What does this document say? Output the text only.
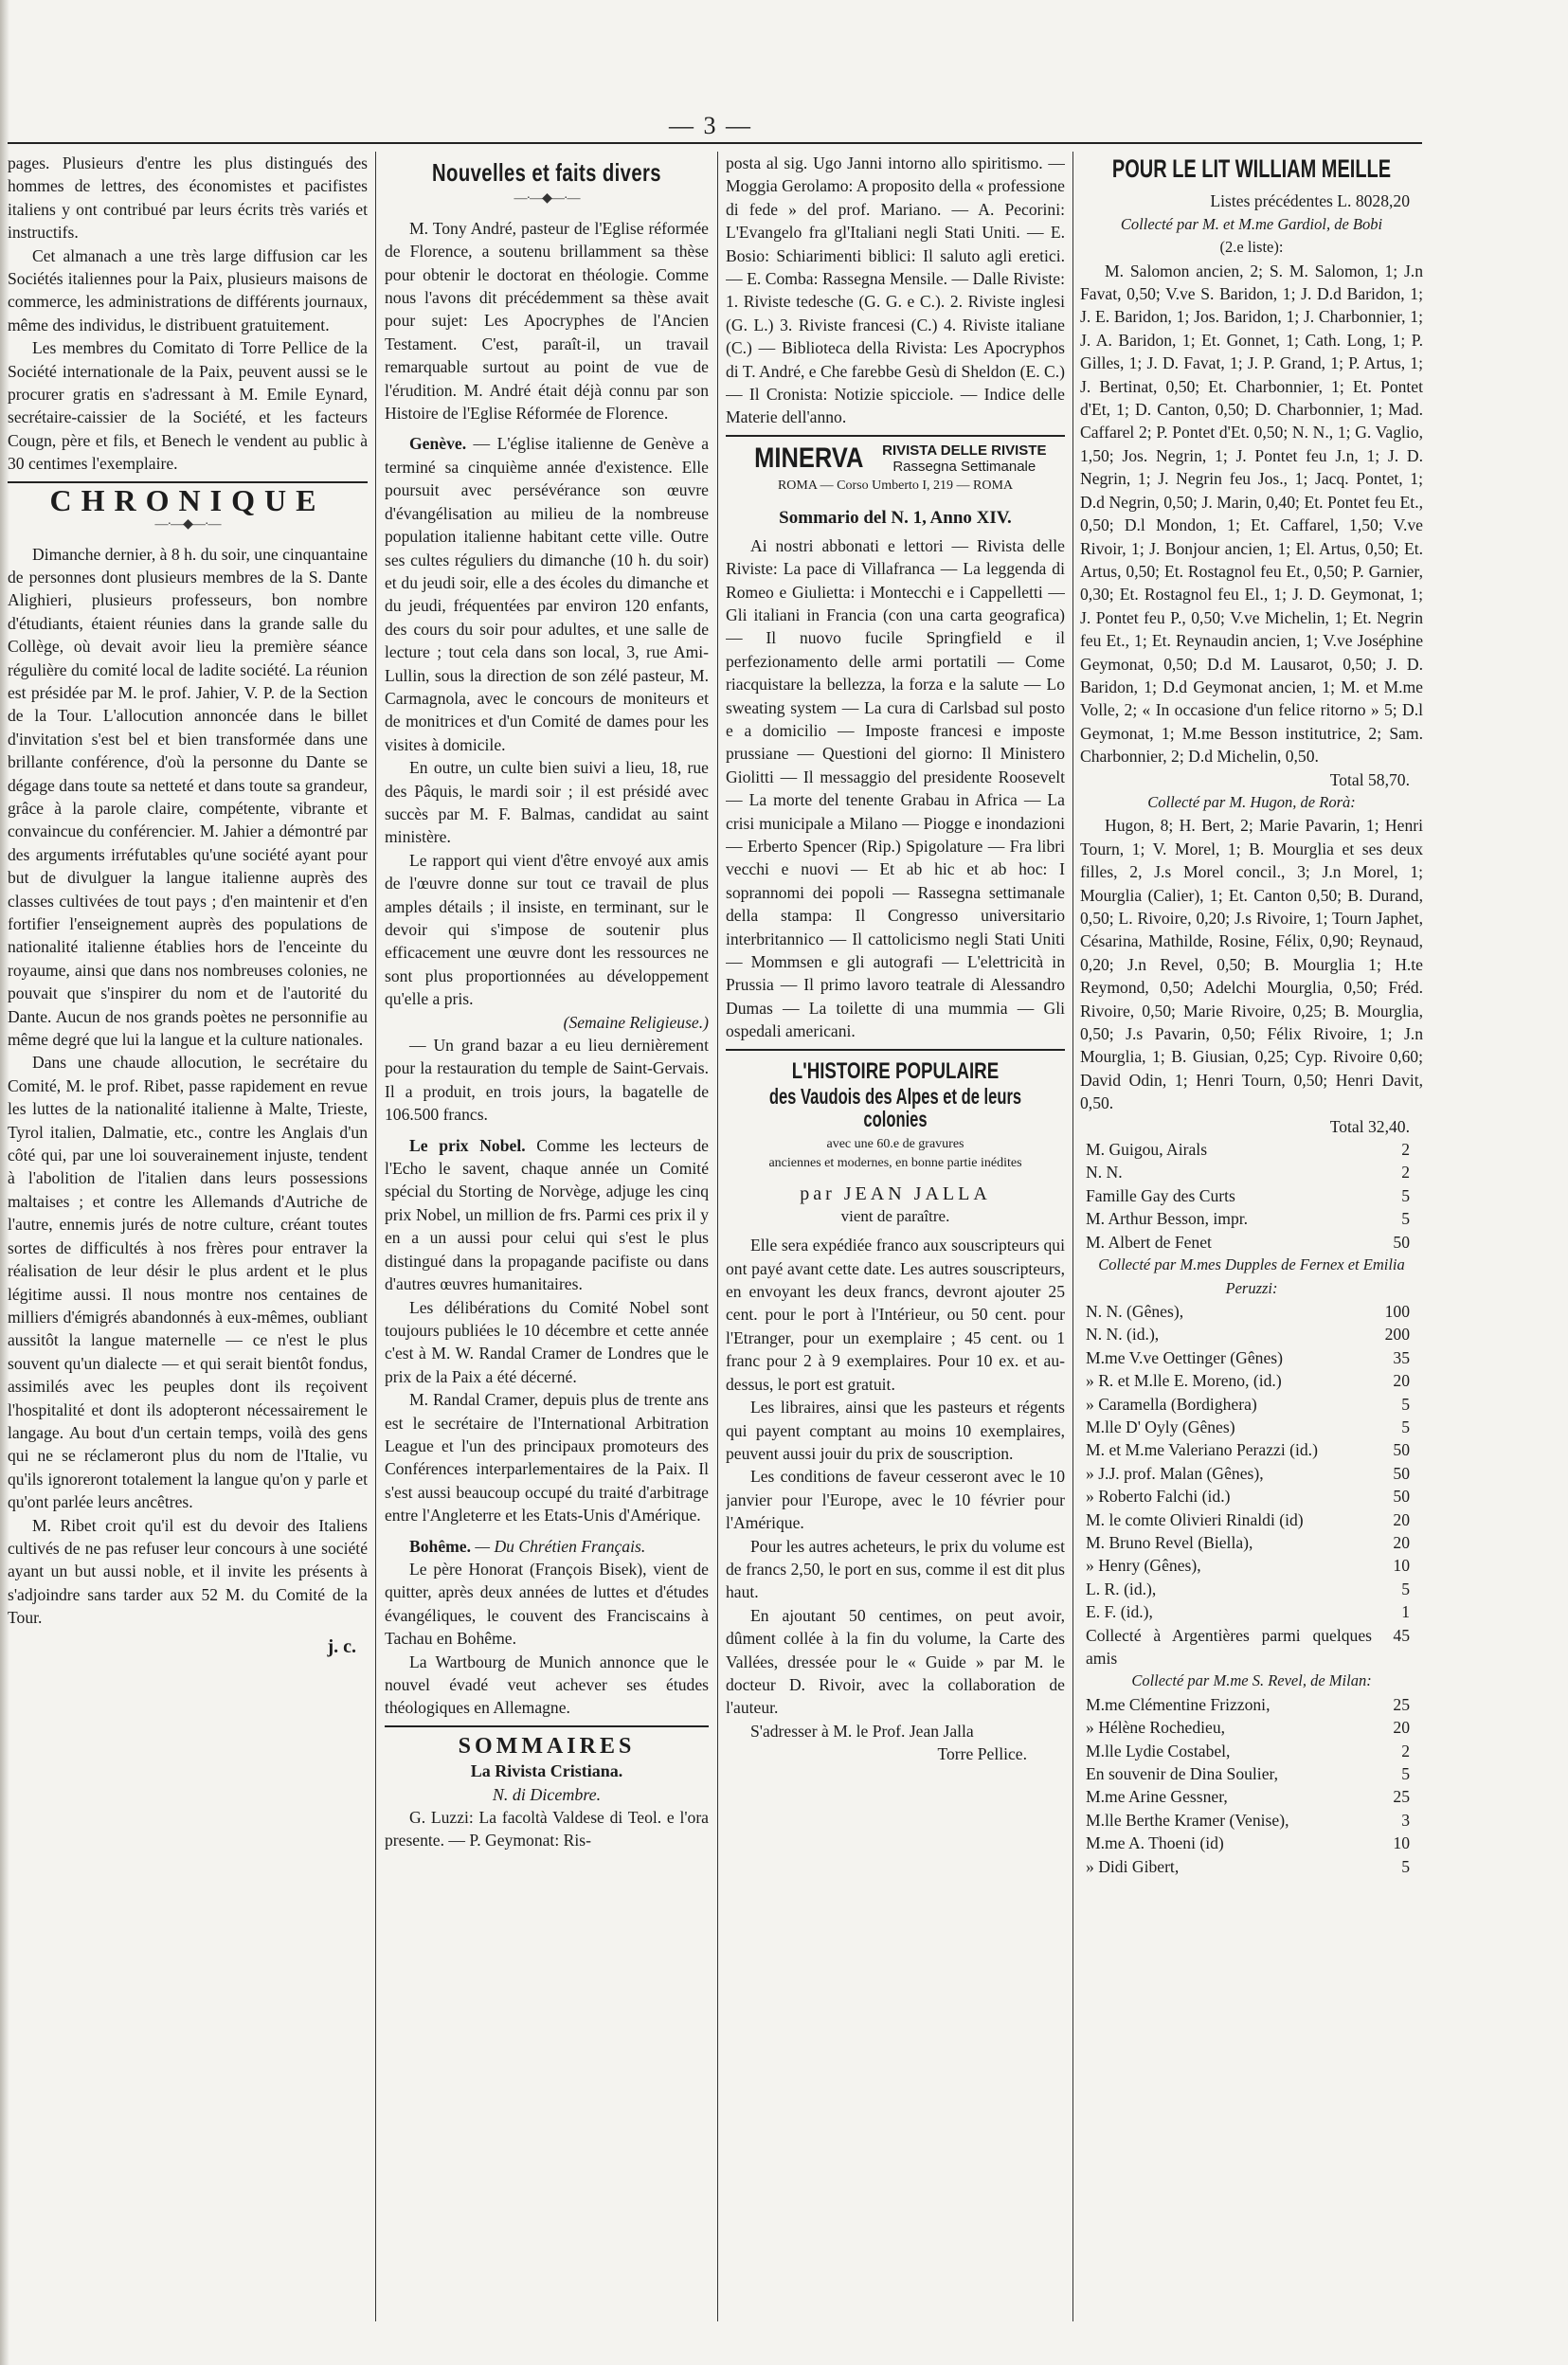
— 3 —

pages. Plusieurs d'entre les plus distingués des hommes de lettres, des économistes et pacifistes italiens y ont contribué par leurs écrits très variés et instructifs.

Cet almanach a une très large diffusion car les Sociétés italiennes pour la Paix, plusieurs maisons de commerce, les administrations de différents journaux, même des individus, le distribuent gratuitement.

Les membres du Comitato di Torre Pellice de la Société internationale de la Paix, peuvent aussi se le procurer gratis en s'adressant à M. Emile Eynard, secrétaire-caissier de la Société, et les facteurs Cougn, père et fils, et Benech le vendent au public à 30 centimes l'exemplaire.

CHRONIQUE
—·—◆—·—

Dimanche dernier, à 8 h. du soir, une cinquantaine de personnes dont plusieurs membres de la S. Dante Alighieri, plusieurs professeurs, bon nombre d'étudiants, étaient réunies dans la grande salle du Collège, où devait avoir lieu la première séance régulière du comité local de ladite société. La réunion est présidée par M. le prof. Jahier, V. P. de la Section de la Tour. L'allocution annoncée dans le billet d'invitation s'est bel et bien transformée dans une brillante conférence, d'où la personne du Dante se dégage dans toute sa netteté et dans toute sa grandeur, grâce à la parole claire, compétente, vibrante et convaincue du conférencier. M. Jahier a démontré par des arguments irréfutables qu'une société ayant pour but de divulguer la langue italienne auprès des classes cultivées de tout pays ; d'en maintenir et d'en fortifier l'enseignement auprès des populations de nationalité italienne établies hors de l'enceinte du royaume, ainsi que dans nos nombreuses colonies, ne pouvait que s'inspirer du nom et de l'autorité du Dante. Aucun de nos grands poètes ne personnifie au même degré que lui la langue et la culture nationales.

Dans une chaude allocution, le secrétaire du Comité, M. le prof. Ribet, passe rapidement en revue les luttes de la nationalité italienne à Malte, Trieste, Tyrol italien, Dalmatie, etc., contre les Anglais d'un côté qui, par une loi souverainement injuste, tendent à l'abolition de l'italien dans leurs possessions maltaises ; et contre les Allemands d'Autriche de l'autre, ennemis jurés de notre culture, créant toutes sortes de difficultés à nos frères pour entraver la réalisation de leur désir le plus ardent et le plus légitime aussi. Il nous montre nos centaines de milliers d'émigrés abandonnés à eux-mêmes, oubliant aussitôt la langue maternelle — ce n'est le plus souvent qu'un dialecte — et qui serait bientôt fondus, assimilés avec les peuples dont ils reçoivent l'hospitalité et dont ils adopteront nécessairement le langage. Au bout d'un certain temps, voilà des gens qui ne se réclameront plus du nom de l'Italie, vu qu'ils ignoreront totalement la langue qu'on y parle et qu'ont parlée leurs ancêtres.

M. Ribet croit qu'il est du devoir des Italiens cultivés de ne pas refuser leur concours à une société ayant un but aussi noble, et il invite les présents à s'adjoindre sans tarder aux 52 M. du Comité de la Tour.

j. c.
Nouvelles et faits divers
—·—◆—·—

M. Tony André, pasteur de l'Eglise réformée de Florence, a soutenu brillamment sa thèse pour obtenir le doctorat en théologie. Comme nous l'avons dit précédemment sa thèse avait pour sujet: Les Apocryphes de l'Ancien Testament. C'est, paraît-il, un travail remarquable surtout au point de vue de l'érudition. M. André était déjà connu par son Histoire de l'Eglise Réformée de Florence.

Genève. — L'église italienne de Genève a terminé sa cinquième année d'existence. Elle poursuit avec persévérance son œuvre d'évangélisation au milieu de la nombreuse population italienne habitant cette ville. Outre ses cultes réguliers du dimanche (10 h. du soir) et du jeudi soir, elle a des écoles du dimanche et du jeudi, fréquentées par environ 120 enfants, des cours du soir pour adultes, et une salle de lecture ; tout cela dans son local, 3, rue Ami-Lullin, sous la direction de son zélé pasteur, M. Carmagnola, avec le concours de moniteurs et de monitrices et d'un Comité de dames pour les visites à domicile.

En outre, un culte bien suivi a lieu, 18, rue des Pâquis, le mardi soir ; il est présidé avec succès par M. F. Balmas, candidat au saint ministère.

Le rapport qui vient d'être envoyé aux amis de l'œuvre donne sur tout ce travail de plus amples détails ; il insiste, en terminant, sur le devoir qui s'impose de soutenir plus efficacement une œuvre dont les ressources ne sont plus proportionnées au développement qu'elle a pris.

(Semaine Religieuse.)

— Un grand bazar a eu lieu dernièrement pour la restauration du temple de Saint-Gervais. Il a produit, en trois jours, la bagatelle de 106.500 francs.

Le prix Nobel. Comme les lecteurs de l'Echo le savent, chaque année un Comité spécial du Storting de Norvège, adjuge les cinq prix Nobel, un million de frs. Parmi ces prix il y en a un aussi pour celui qui s'est le plus distingué dans la propagande pacifiste ou dans d'autres œuvres humanitaires.

Les délibérations du Comité Nobel sont toujours publiées le 10 décembre et cette année c'est à M. W. Randal Cramer de Londres que le prix de la Paix a été décerné.

M. Randal Cramer, depuis plus de trente ans est le secrétaire de l'International Arbitration League et l'un des principaux promoteurs des Conférences interparlementaires de la Paix. Il s'est aussi beaucoup occupé du traité d'arbitrage entre l'Angleterre et les Etats-Unis d'Amérique.

Bohême. — Du Chrétien Français.

Le père Honorat (François Bisek), vient de quitter, après deux années de luttes et d'études évangéliques, le couvent des Franciscains à Tachau en Bohême.

La Wartbourg de Munich annonce que le nouvel évadé veut achever ses études théologiques en Allemagne.

SOMMAIRES
La Rivista Cristiana.
N. di Dicembre.

G. Luzzi: La facoltà Valdese di Teol. e l'ora presente. — P. Geymonat: Ris-

posta al sig. Ugo Janni intorno allo spiritismo. — Moggia Gerolamo: A proposito della « professione di fede » del prof. Mariano. — A. Pecorini: L'Evangelo fra gl'Italiani negli Stati Uniti. — E. Bosio: Schiarimenti biblici: Il saluto agli eretici. — E. Comba: Rassegna Mensile. — Dalle Riviste: 1. Riviste tedesche (G. G. e C.). 2. Riviste inglesi (G. L.) 3. Riviste francesi (C.) 4. Riviste italiane (C.) — Biblioteca della Rivista: Les Apocryphos di T. André, e Che farebbe Gesù di Sheldon (E. C.) — Il Cronista: Notizie spicciole. — Indice delle Materie dell'anno.

MINERVA RIVISTA DELLE RIVISTE
Rassegna Settimanale
ROMA — Corso Umberto I, 219 — ROMA
Sommario del N. 1, Anno XIV.

Ai nostri abbonati e lettori — Rivista delle Riviste: La pace di Villafranca — La leggenda di Romeo e Giulietta: i Montecchi e i Cappelletti — Gli italiani in Francia (con una carta geografica) — Il nuovo fucile Springfield e il perfezionamento delle armi portatili — Come riacquistare la bellezza, la forza e la salute — Lo sweating system — La cura di Carlsbad sul posto e a domicilio — Imposte francesi e imposte prussiane — Questioni del giorno: Il Ministero Giolitti — Il messaggio del presidente Roosevelt — La morte del tenente Grabau in Africa — La crisi municipale a Milano — Piogge e inondazioni — Erberto Spencer (Rip.) Spigolature — Fra libri vecchi e nuovi — Et ab hic et ab hoc: I soprannomi dei popoli — Rassegna settimanale della stampa: Il Congresso universitario interbritannico — Il cattolicismo negli Stati Uniti — Mommsen e gli autografi — L'elettricità in Prussia — Il primo lavoro teatrale di Alessandro Dumas — La toilette di una mummia — Gli ospedali americani.

L'HISTOIRE POPULAIRE
des Vaudois des Alpes et de leurs colonies
avec une 60.e de gravures
anciennes et modernes, en bonne partie inédites
par JEAN JALLA
vient de paraître.

Elle sera expédiée franco aux souscripteurs qui ont payé avant cette date. Les autres souscripteurs, en envoyant les deux francs, devront ajouter 25 cent. pour le port à l'Intérieur, ou 50 cent. pour l'Etranger, pour un exemplaire ; 45 cent. ou 1 franc pour 2 à 9 exemplaires. Pour 10 ex. et au-dessus, le port est gratuit.

Les libraires, ainsi que les pasteurs et régents qui payent comptant au moins 10 exemplaires, peuvent aussi jouir du prix de souscription.

Les conditions de faveur cesseront avec le 10 janvier pour l'Europe, avec le 10 février pour l'Amérique.

Pour les autres acheteurs, le prix du volume est de francs 2,50, le port en sus, comme il est dit plus haut.

En ajoutant 50 centimes, on peut avoir, dûment collée à la fin du volume, la Carte des Vallées, dressée pour le « Guide » par M. le docteur D. Rivoir, avec la collaboration de l'auteur.

S'adresser à M. le Prof. Jean Jalla

Torre Pellice.

POUR LE LIT WILLIAM MEILLE
Listes précédentes L. 8028,20
Collecté par M. et M.me Gardiol, de Bobi
(2.e liste):

M. Salomon ancien, 2; S. M. Salomon, 1; J.n Favat, 0,50; V.ve S. Baridon, 1; J. D.d Baridon, 1; J. E. Baridon, 1; Jos. Baridon, 1; J. Charbonnier, 1; J. A. Baridon, 1; Et. Gonnet, 1; Cath. Long, 1; P. Gilles, 1; J. D. Favat, 1; J. P. Grand, 1; P. Artus, 1; J. Bertinat, 0,50; Et. Charbonnier, 1; Et. Pontet d'Et, 1; D. Canton, 0,50; D. Charbonnier, 1; Mad. Caffarel 2; P. Pontet d'Et. 0,50; N. N., 1; G. Vaglio, 1,50; Jos. Negrin, 1; J. Pontet feu J.n, 1; J. D. Negrin, 1; J. Negrin feu Jos., 1; Jacq. Pontet, 1; D.d Negrin, 0,50; J. Marin, 0,40; Et. Pontet feu Et., 0,50; D.l Mondon, 1; Et. Caffarel, 1,50; V.ve Rivoir, 1; J. Bonjour ancien, 1; El. Artus, 0,50; Et. Artus, 0,50; Et. Rostagnol feu Et., 0,50; P. Garnier, 0,30; Et. Rostagnol feu El., 1; J. D. Geymonat, 1; J. Pontet feu P., 0,50; V.ve Michelin, 1; Et. Negrin feu Et., 1; Et. Reynaudin ancien, 1; V.ve Joséphine Geymonat, 0,50; D.d M. Lausarot, 0,50; J. D. Baridon, 1; D.d Geymonat ancien, 1; M. et M.me Volle, 2; « In occasione d'un felice ritorno » 5; D.l Geymonat, 1; M.me Besson institutrice, 2; Sam. Charbonnier, 2; D.d Michelin, 0,50.

Total 58,70.
Collecté par M. Hugon, de Rorà:

Hugon, 8; H. Bert, 2; Marie Pavarin, 1; Henri Tourn, 1; V. Morel, 1; B. Mourglia et ses deux filles, 2, J.s Morel concil., 3; J.n Morel, 1; Mourglia (Calier), 1; Et. Canton 0,50; B. Durand, 0,50; L. Rivoire, 0,20; J.s Rivoire, 1; Tourn Japhet, Césarina, Mathilde, Rosine, Félix, 0,90; Reynaud, 0,20; J.n Revel, 0,50; B. Mourglia 1; H.te Reymond, 0,50; Adelchi Mourglia, 0,50; Fréd. Rivoire, 0,50; Marie Rivoire, 0,25; B. Mourglia, 0,50; J.s Pavarin, 0,50; Félix Rivoire, 1; J.n Mourglia, 1; B. Giusian, 0,25; Cyp. Rivoire 0,60; David Odin, 1; Henri Tourn, 0,50; Henri Davit, 0,50.

Total 32,40.
M. Guigou, Airals	2
N. N.	2
Famille Gay des Curts	5
M. Arthur Besson, impr.	5
M. Albert de Fenet	50
Collecté par M.mes Dupples de Fernex et Emilia Peruzzi:
N. N. (Gênes),	100
N. N. (id.),	200
M.me V.ve Oettinger (Gênes)	35
» R. et M.lle E. Moreno, (id.)	20
» Caramella (Bordighera)	5
M.lle D' Oyly (Gênes)	5
M. et M.me Valeriano Perazzi (id.)	50
» J.J. prof. Malan (Gênes),	50
» Roberto Falchi (id.)	50
M. le comte Olivieri Rinaldi (id)	20
M. Bruno Revel (Biella),	20
» Henry (Gênes),	10
L. R. (id.),	5
E. F. (id.),	1
Collecté à Argentières parmi quelques amis
45
Collecté par M.me S. Revel, de Milan:
M.me Clémentine Frizzoni,	25
» Hélène Rochedieu,	20
M.lle Lydie Costabel,	2
En souvenir de Dina Soulier,	5
M.me Arine Gessner,	25
M.lle Berthe Kramer (Venise),	3
M.me A. Thoeni (id)	10
» Didi Gibert,	5
